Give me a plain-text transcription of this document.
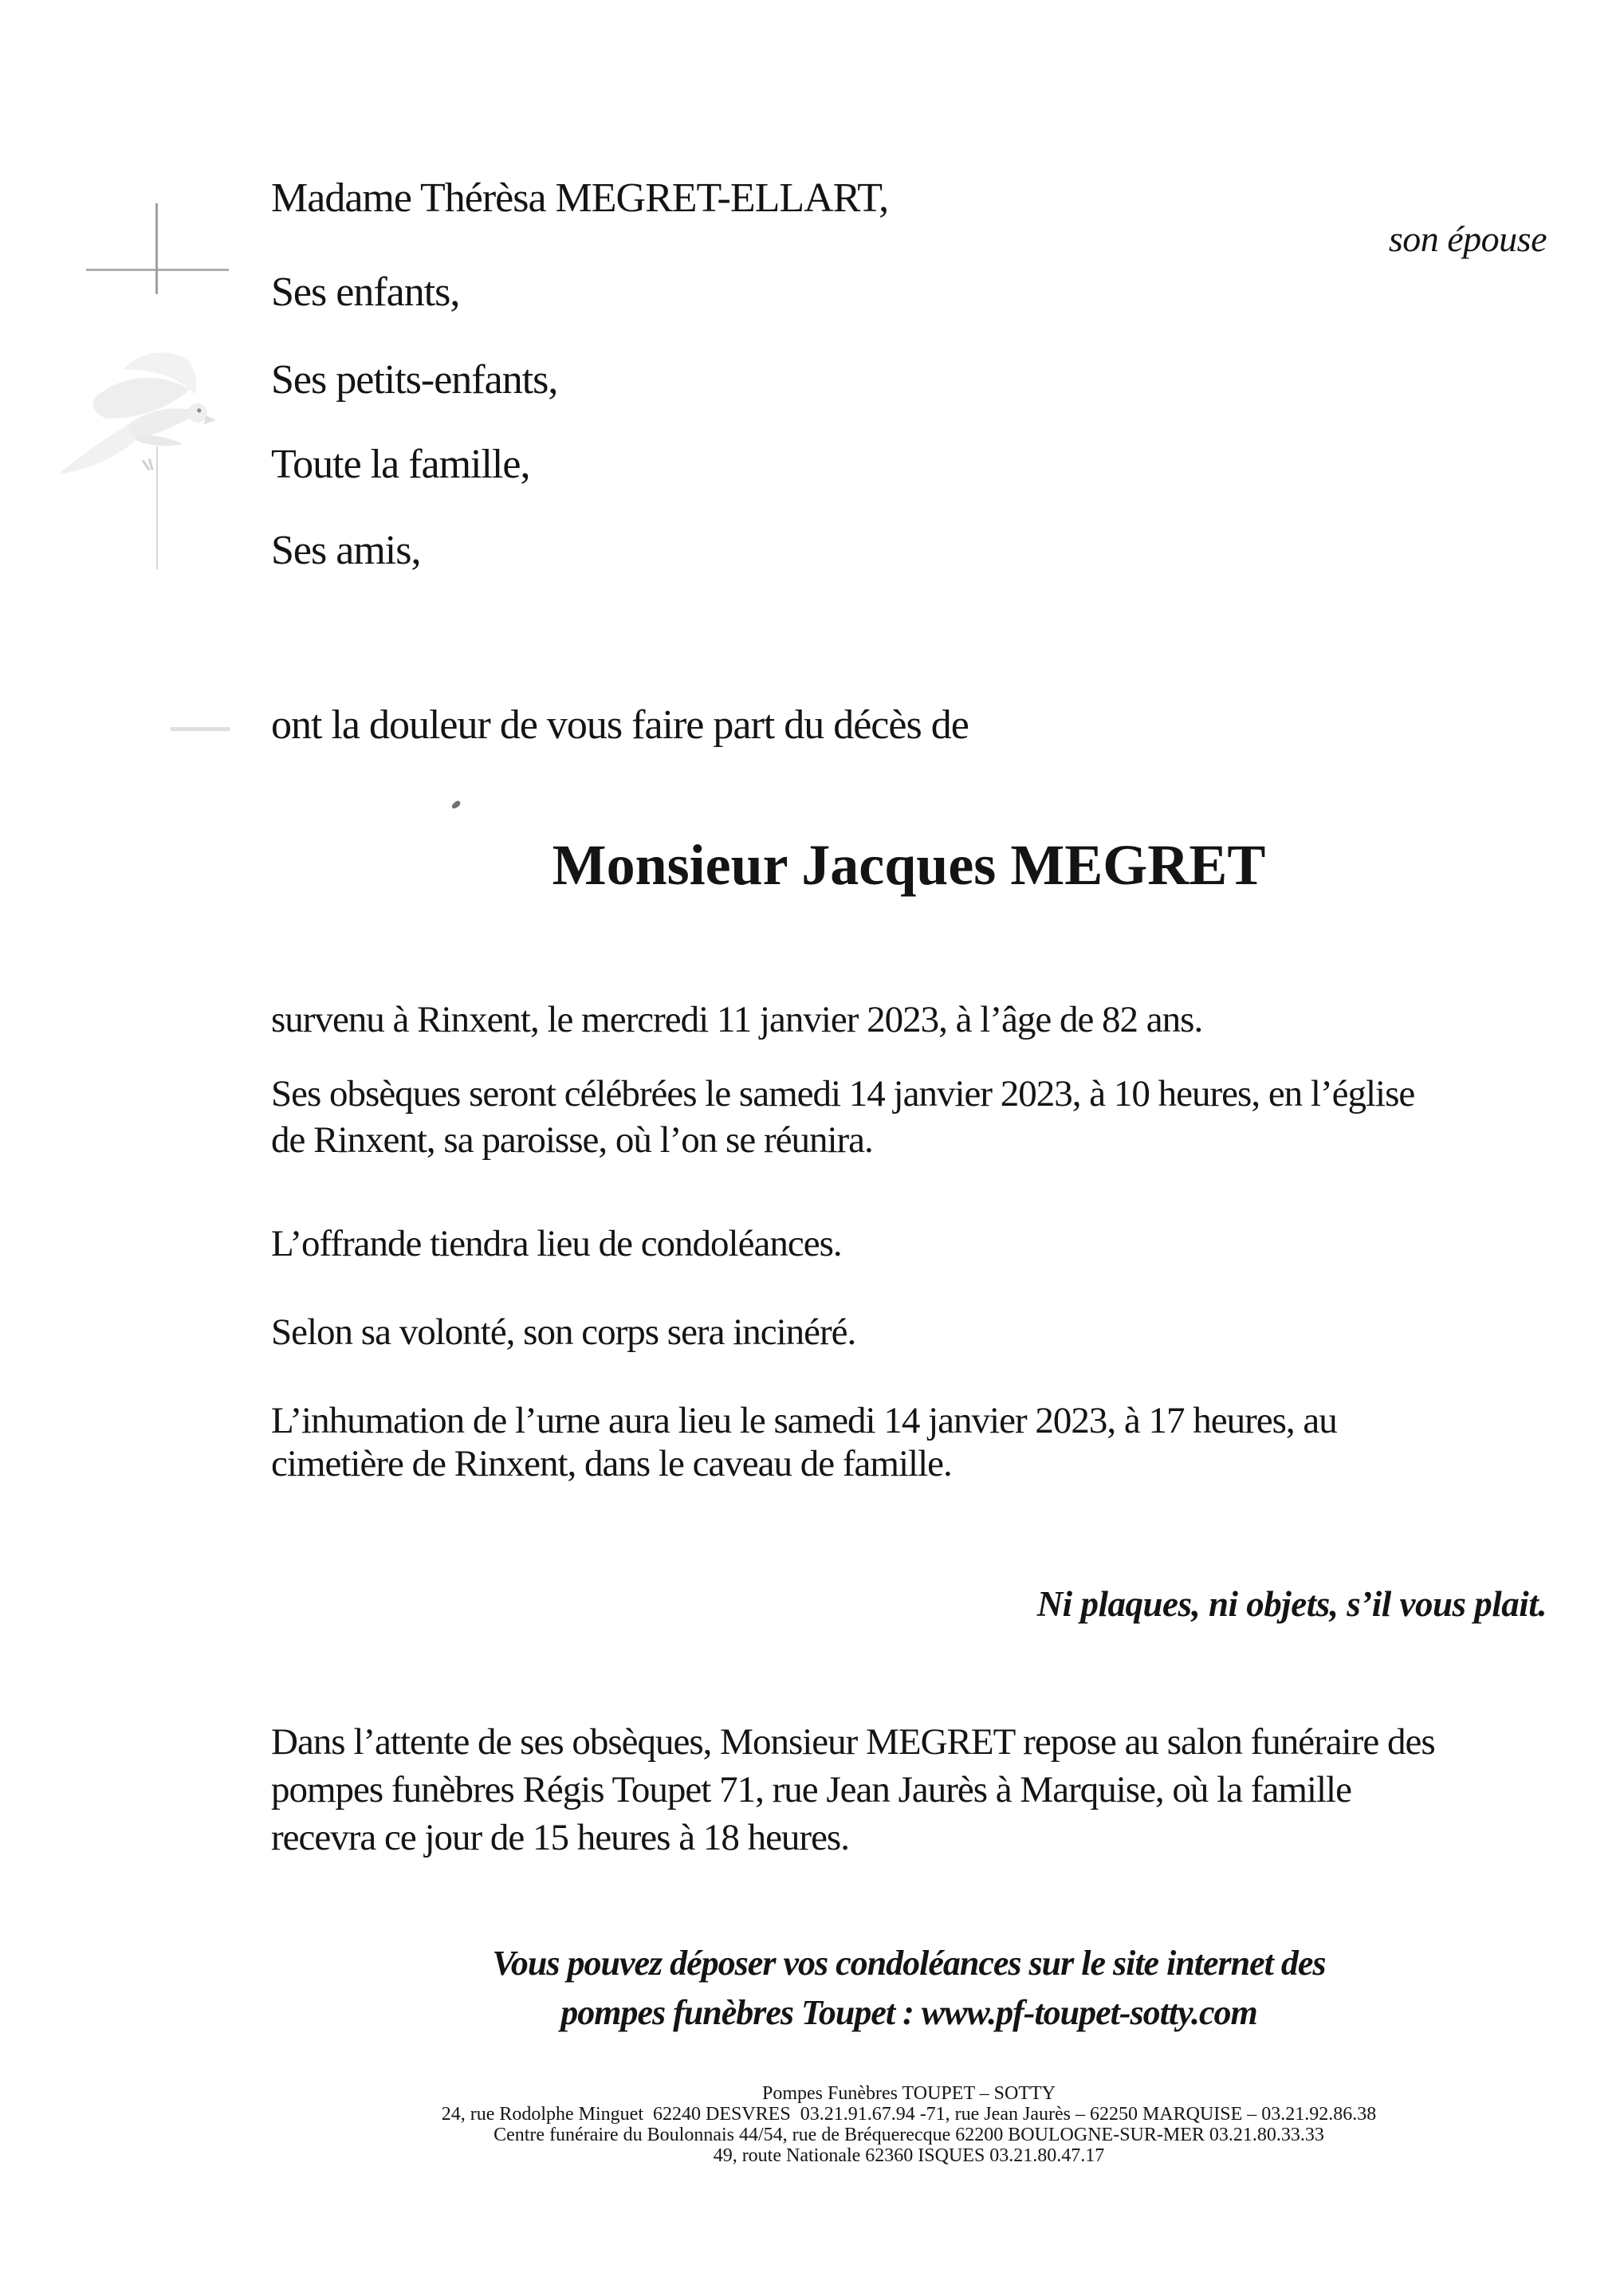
Madame Thérèsa MEGRET-ELLART,
son épouse
Ses enfants,
Ses petits-enfants,
Toute la famille,
Ses amis,
ont la douleur de vous faire part du décès de
Monsieur Jacques MEGRET
survenu à Rinxent, le mercredi 11 janvier 2023, à l’âge de 82 ans.
Ses obsèques seront célébrées le samedi 14 janvier 2023, à 10 heures, en l’église
de Rinxent, sa paroisse, où l’on se réunira.
L’offrande tiendra lieu de condoléances.
Selon sa volonté, son corps sera incinéré.
L’inhumation de l’urne aura lieu le samedi 14 janvier 2023, à 17 heures, au
cimetière de Rinxent, dans le caveau de famille.
Ni plaques, ni objets, s’il vous plait.
Dans l’attente de ses obsèques, Monsieur MEGRET repose au salon funéraire des
pompes funèbres Régis Toupet 71, rue Jean Jaurès à Marquise, où la famille
recevra ce jour de 15 heures à 18 heures.
Vous pouvez déposer vos condoléances sur le site internet des
pompes funèbres Toupet : www.pf-toupet-sotty.com
Pompes Funèbres TOUPET – SOTTY
24, rue Rodolphe Minguet  62240 DESVRES  03.21.91.67.94 -71, rue Jean Jaurès – 62250 MARQUISE – 03.21.92.86.38
Centre funéraire du Boulonnais 44/54, rue de Bréquerecque 62200 BOULOGNE-SUR-MER 03.21.80.33.33
49, route Nationale 62360 ISQUES 03.21.80.47.17
